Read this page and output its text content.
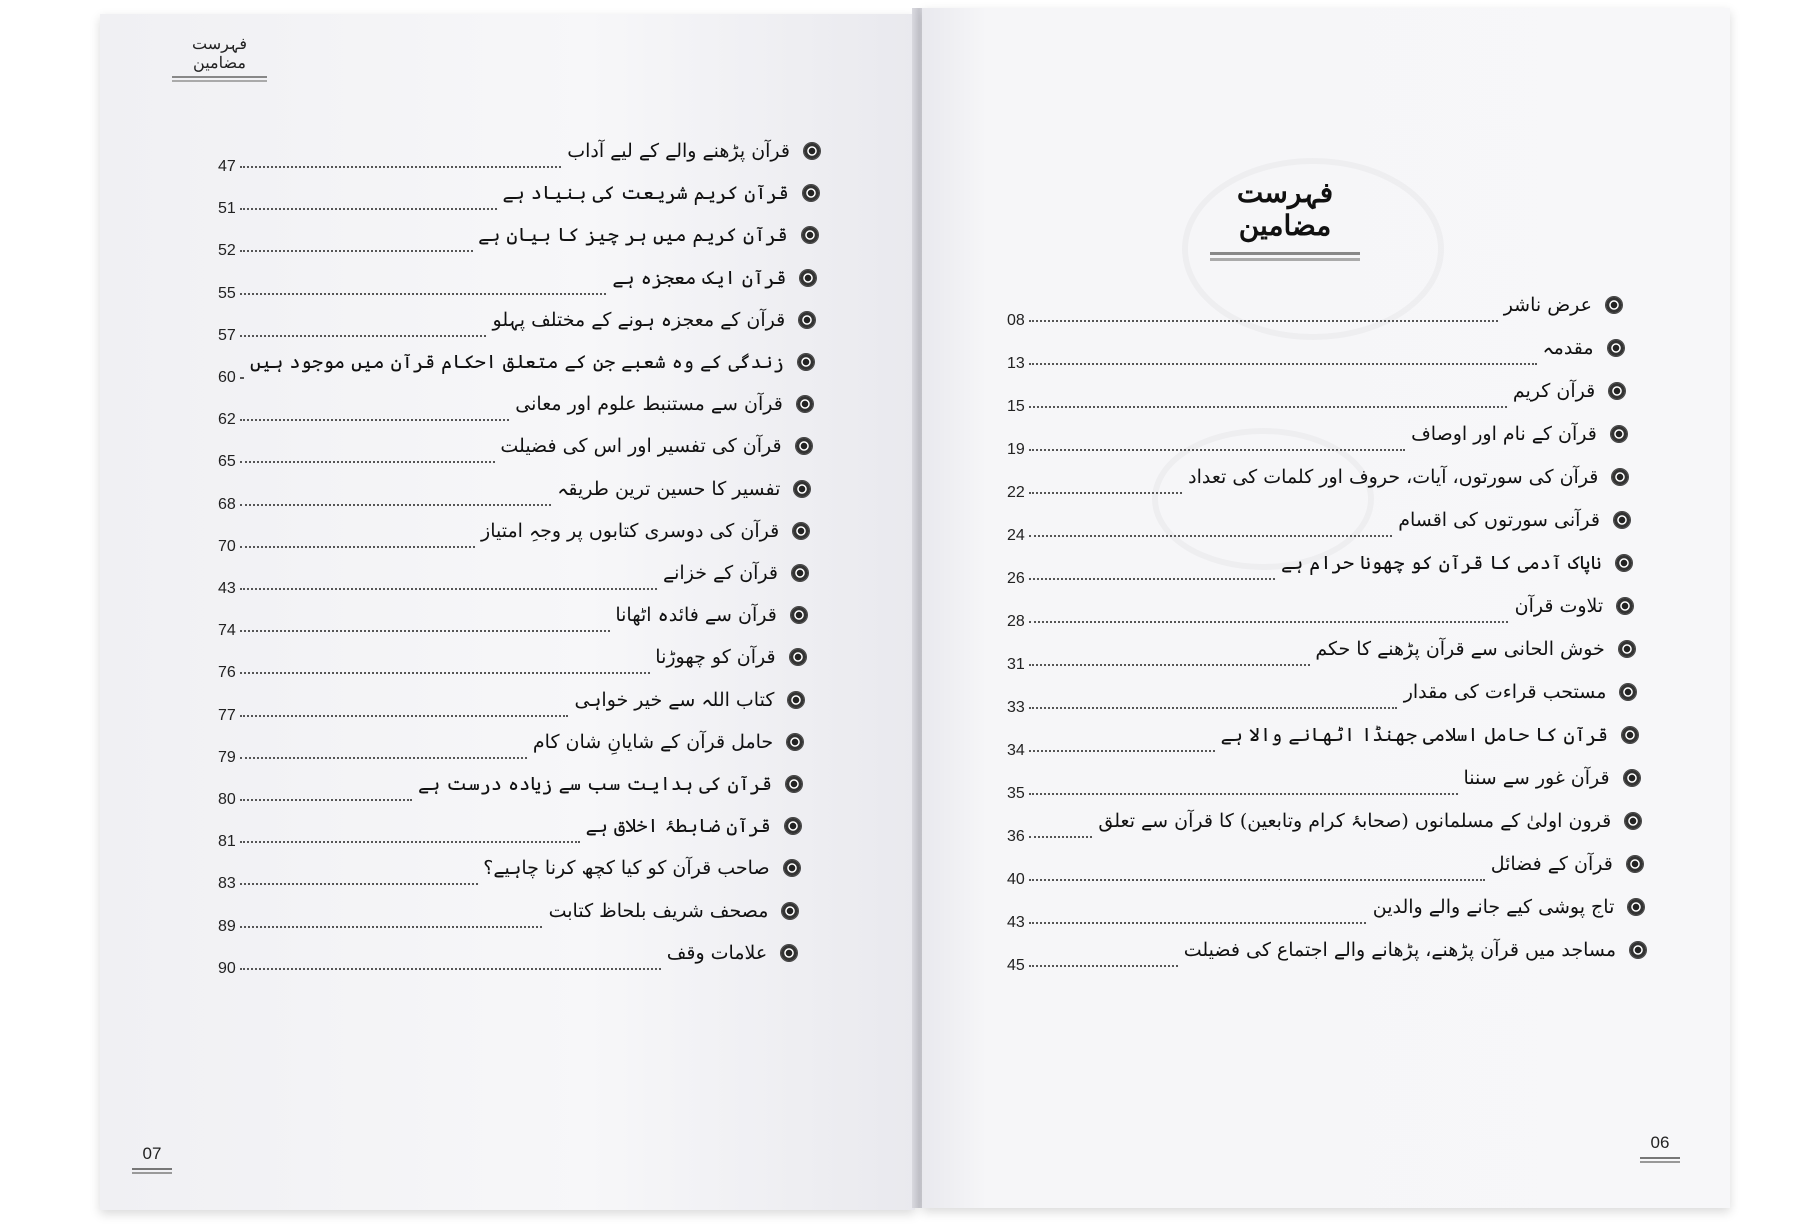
فہرست مضامین
47
قرآن پڑھنے والے کے لیے آداب
51
قرآن کریم شریعت کی بنیاد ہے
52
قرآن کریم میں ہر چیز کا بیان ہے
55
قرآن ایک معجزہ ہے
57
قرآن کے معجزہ ہونے کے مختلف پہلو
60
زندگی کے وہ شعبے جن کے متعلق احکام قرآن میں موجود ہیں
62
قرآن سے مستنبط علوم اور معانی
65
قرآن کی تفسیر اور اس کی فضیلت
68
تفسیر کا حسین ترین طریقہ
70
قرآن کی دوسری کتابوں پر وجہِ امتیاز
43
قرآن کے خزانے
74
قرآن سے فائدہ اٹھانا
76
قرآن کو چھوڑنا
77
کتاب اللہ سے خیر خواہی
79
حامل قرآن کے شایانِ شان کام
80
قرآن کی ہدایت سب سے زیادہ درست ہے
81
قرآن ضابطۂ اخلاق ہے
83
صاحب قرآن کو کیا کچھ کرنا چاہیے؟
89
مصحف شریف بلحاظ کتابت
90
علامات وقف
07
فہرست مضامین
08
عرض ناشر
13
مقدمہ
15
قرآن کریم
19
قرآن کے نام اور اوصاف
22
قرآن کی سورتوں، آیات، حروف اور کلمات کی تعداد
24
قرآنی سورتوں کی اقسام
26
ناپاک آدمی کا قرآن کو چھونا حرام ہے
28
تلاوت قرآن
31
خوش الحانی سے قرآن پڑھنے کا حکم
33
مستحب قراءت کی مقدار
34
قرآن کا حامل اسلامی جھنڈا اٹھانے والا ہے
35
قرآن غور سے سننا
36
قرون اولیٰ کے مسلمانوں (صحابۂ کرام وتابعین) کا قرآن سے تعلق
40
قرآن کے فضائل
43
تاج پوشی کیے جانے والے والدین
45
مساجد میں قرآن پڑھنے، پڑھانے والے اجتماع کی فضیلت
06
